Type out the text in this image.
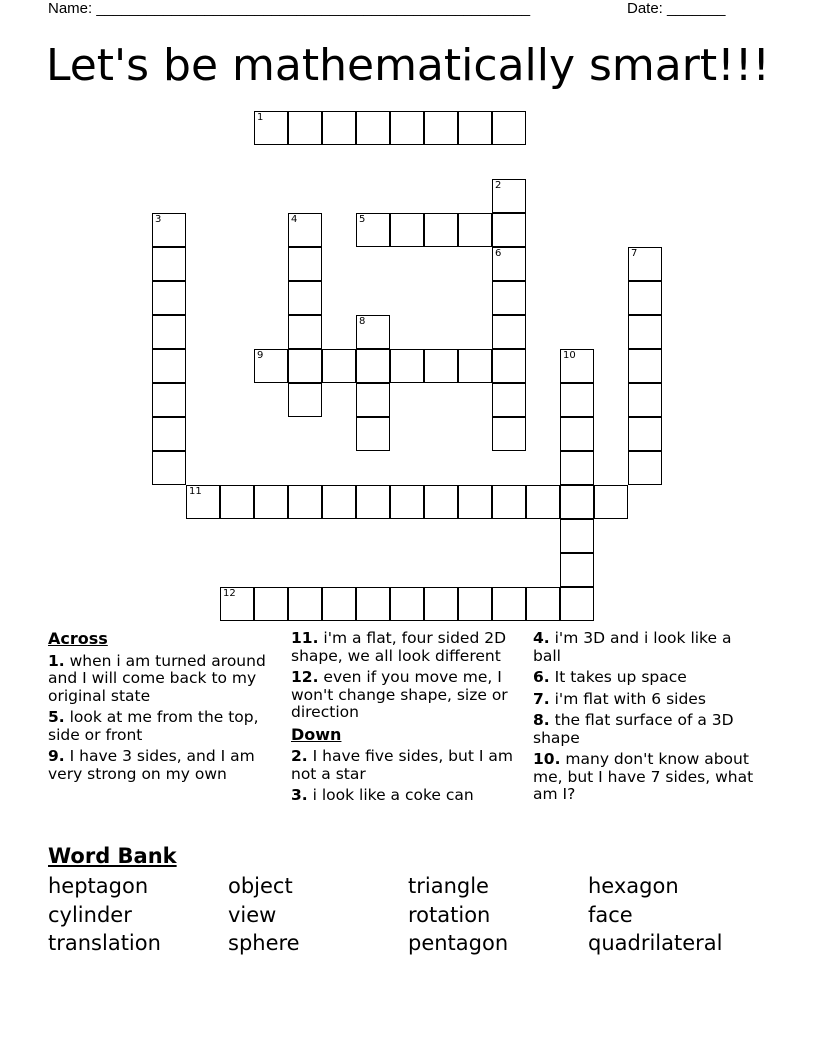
Name: ____________________________________________________	Date: _______
Let's be mathematically smart!!!
1
2
3	4	5
6	7
8
9	10
11
12
Across
1. when i am turned around and I will come back to my original state
5. look at me from the top, side or front
9. I have 3 sides, and I am very strong on my own
11. i'm a flat, four sided 2D shape, we all look different
12. even if you move me, I won't change shape, size or direction
Down
2. I have five sides, but I am not a star
3. i look like a coke can
4. i'm 3D and i look like a ball
6. It takes up space
7. i'm flat with 6 sides
8. the flat surface of a 3D shape
10. many don't know about me, but I have 7 sides, what am I?
Word Bank
heptagon	object	triangle	hexagon
cylinder	view	rotation	face
translation	sphere	pentagon	quadrilateral
